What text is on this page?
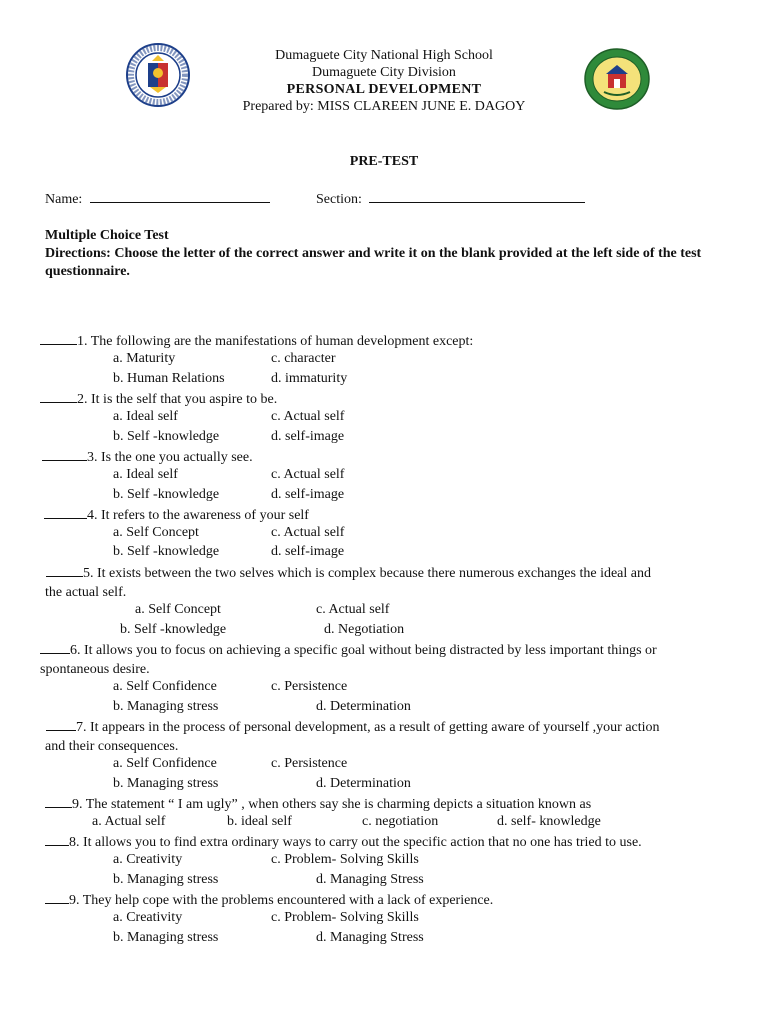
Dumaguete City National High School
Dumaguete City Division
PERSONAL DEVELOPMENT
Prepared by: MISS CLAREEN JUNE E. DAGOY
PRE-TEST
Name:	Section:
Multiple Choice Test
Directions: Choose the letter of the correct answer and write it on the blank provided at the left side of the test questionnaire.
1. The following are the manifestations of human development except:
a. Maturity	c. character
b. Human Relations	d. immaturity
2. It is the self that you aspire to be.
a. Ideal self	c. Actual self
b. Self -knowledge	d. self-image
3. Is the one you actually see.
a. Ideal self	c. Actual self
b. Self -knowledge	d. self-image
4. It refers to the awareness of your self
a. Self Concept	c. Actual self
b. Self -knowledge	d. self-image
5. It exists between the two selves which is complex because there numerous exchanges the ideal and
the actual self.
a. Self Concept	c. Actual self
b. Self -knowledge	d. Negotiation
6. It allows you to focus on achieving a specific goal without being distracted by less important things or
spontaneous desire.
a. Self Confidence	c. Persistence
b. Managing stress	d. Determination
7. It appears in the process of personal development, as a result of getting aware of yourself ,your action
and their consequences.
a. Self Confidence	c. Persistence
b. Managing stress	d. Determination
9. The statement “ I am ugly” , when others say she is charming depicts a situation known as
a. Actual self	b. ideal self	c. negotiation	d. self- knowledge
8. It allows you to find extra ordinary ways to carry out the specific action that no one has tried to use.
a. Creativity	c. Problem- Solving Skills
b. Managing stress	d. Managing Stress
9. They help cope with the problems encountered with a lack of experience.
a. Creativity	c. Problem- Solving Skills
b. Managing stress	d. Managing Stress
